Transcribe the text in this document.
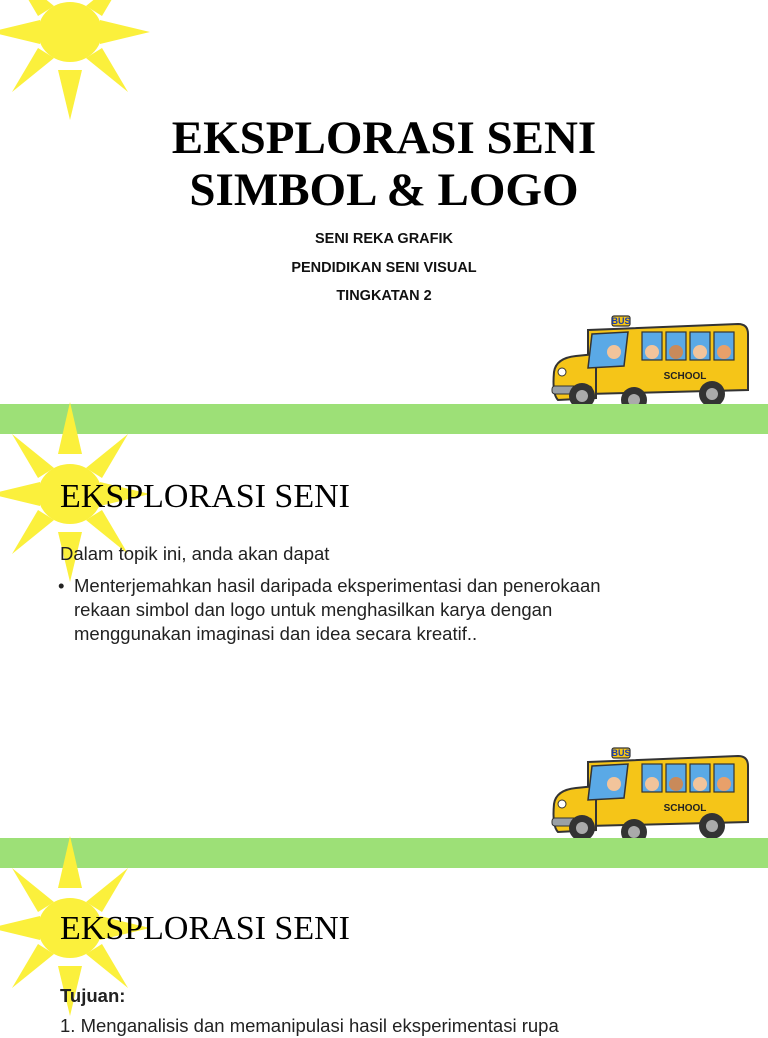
EKSPLORASI SENI
SIMBOL & LOGO
SENI REKA GRAFIK
PENDIDIKAN SENI VISUAL
TINGKATAN 2
BUS
SCHOOL
EKSPLORASI SENI
Dalam topik ini, anda akan dapat
• Menterjemahkan hasil daripada eksperimentasi dan penerokaan
rekaan simbol dan logo untuk menghasilkan karya dengan
menggunakan imaginasi dan idea secara kreatif..
BUS
SCHOOL
EKSPLORASI SENI
Tujuan:
1. Menganalisis dan memanipulasi hasil eksperimentasi rupa
